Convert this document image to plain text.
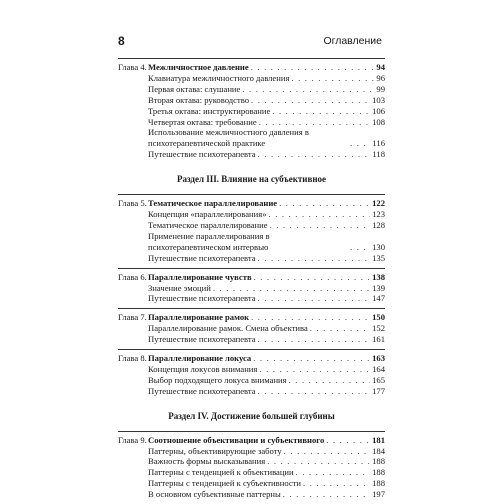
8	Оглавление
Глава 4. Межличностное давление . . .	94
Клавиатура межличностного давления . . .	96
Первая октава: слушание . . .	99
Вторая октава: руководство . . .	103
Третья октава: инструктирование . . .	106
Четвертая октава: требование . . .	108
Использование межличностного давления в психотерапевтической практике . . .	116
Путешествие психотерапевта . . .	118
Раздел III. Влияние на субъективное
Глава 5. Тематическое параллелирование . . .	122
Концепция «параллелирования» . . .	123
Тематическое параллелирование . . .	128
Применение параллелирования в психотерапевтическом интервью . . .	130
Путешествие психотерапевта . . .	135
Глава 6. Параллелирование чувств . . .	138
Значение эмоций . . .	139
Путешествие психотерапевта . . .	147
Глава 7. Параллелирование рамок . . .	150
Параллелирование рамок. Смена объектива . . .	152
Путешествие психотерапевта . . .	161
Глава 8. Параллелирование локуса . . .	163
Концепция локусов внимания . . .	164
Выбор подходящего локуса внимания . . .	165
Путешествие психотерапевта . . .	177
Раздел IV. Достижение большей глубины
Глава 9. Соотношение объективации и субъективного . . .	181
Паттерны, объективирующие заботу . . .	184
Важность формы высказывания . . .	188
Паттерны с тенденцией к объективации . . .	188
Паттерны с тенденцией к субъективности . . .	188
В основном субъективные паттерны . . .	197
